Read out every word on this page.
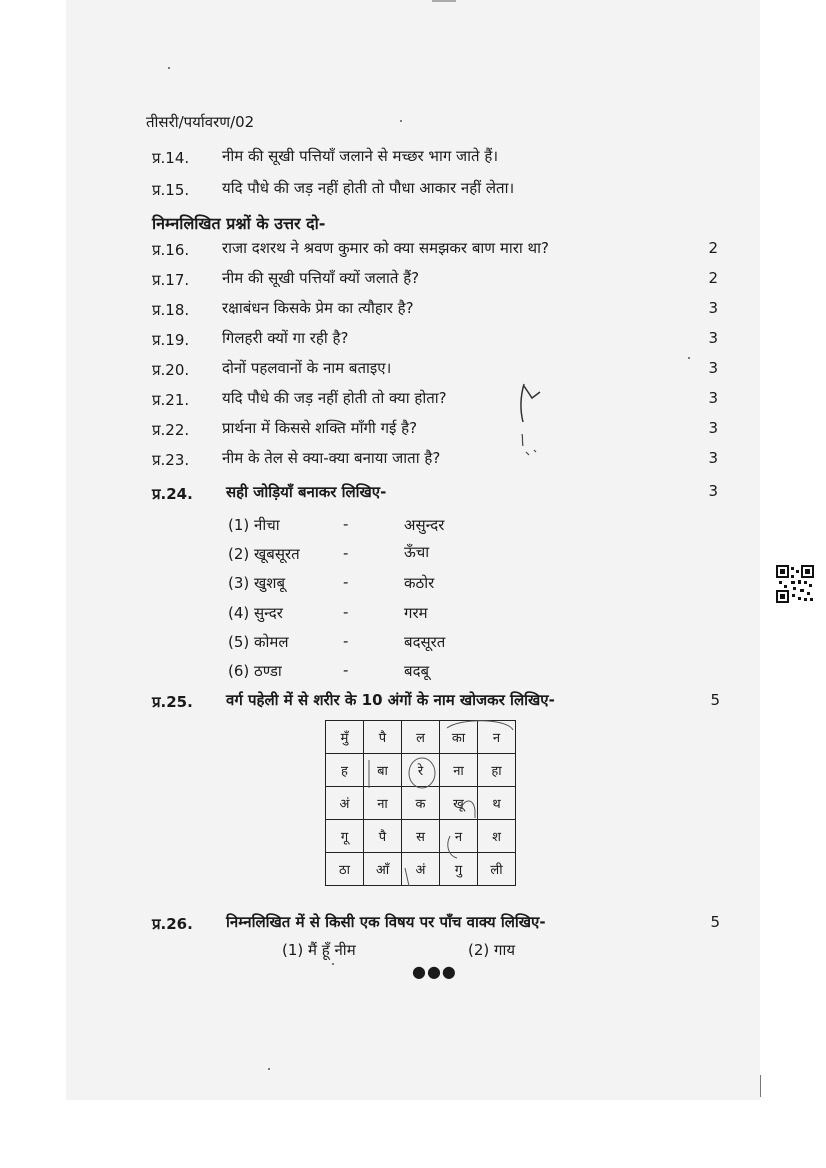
तीसरी/पर्यावरण/02
प्र.14. नीम की सूखी पत्तियाँ जलाने से मच्छर भाग जाते हैं।
प्र.15. यदि पौधे की जड़ नहीं होती तो पौधा आकार नहीं लेता।
निम्नलिखित प्रश्नों के उत्तर दो-
प्र.16. राजा दशरथ ने श्रवण कुमार को क्या समझकर बाण मारा था?	2
प्र.17. नीम की सूखी पत्तियाँ क्यों जलाते हैं?	2
प्र.18. रक्षाबंधन किसके प्रेम का त्यौहार है?	3
प्र.19. गिलहरी क्यों गा रही है?	3
प्र.20. दोनों पहलवानों के नाम बताइए।	3
प्र.21. यदि पौधे की जड़ नहीं होती तो क्या होता?	3
प्र.22. प्रार्थना में किससे शक्ति माँगी गई है?	3
प्र.23. नीम के तेल से क्या-क्या बनाया जाता है?	3
प्र.24. सही जोड़ियाँ बनाकर लिखिए-	3
(1) नीचा	-	असुन्दर
(2) खूबसूरत	-	ऊँचा
(3) खुशबू	-	कठोर
(4) सुन्दर	-	गरम
(5) कोमल	-	बदसूरत
(6) ठण्डा	-	बदबू
प्र.25. वर्ग पहेली में से शरीर के 10 अंगों के नाम खोजकर लिखिए-	5
मुँ	पै	ल	का	न
ह	बा	रे	ना	हा
अं	ना	क	खू	थ
गू	पै	स	न	श
ठा	आँ	अं	गु	ली
प्र.26. निम्नलिखित में से किसी एक विषय पर पाँच वाक्य लिखिए-	5
(1) मैं हूँ नीम	(2) गाय
●●●
